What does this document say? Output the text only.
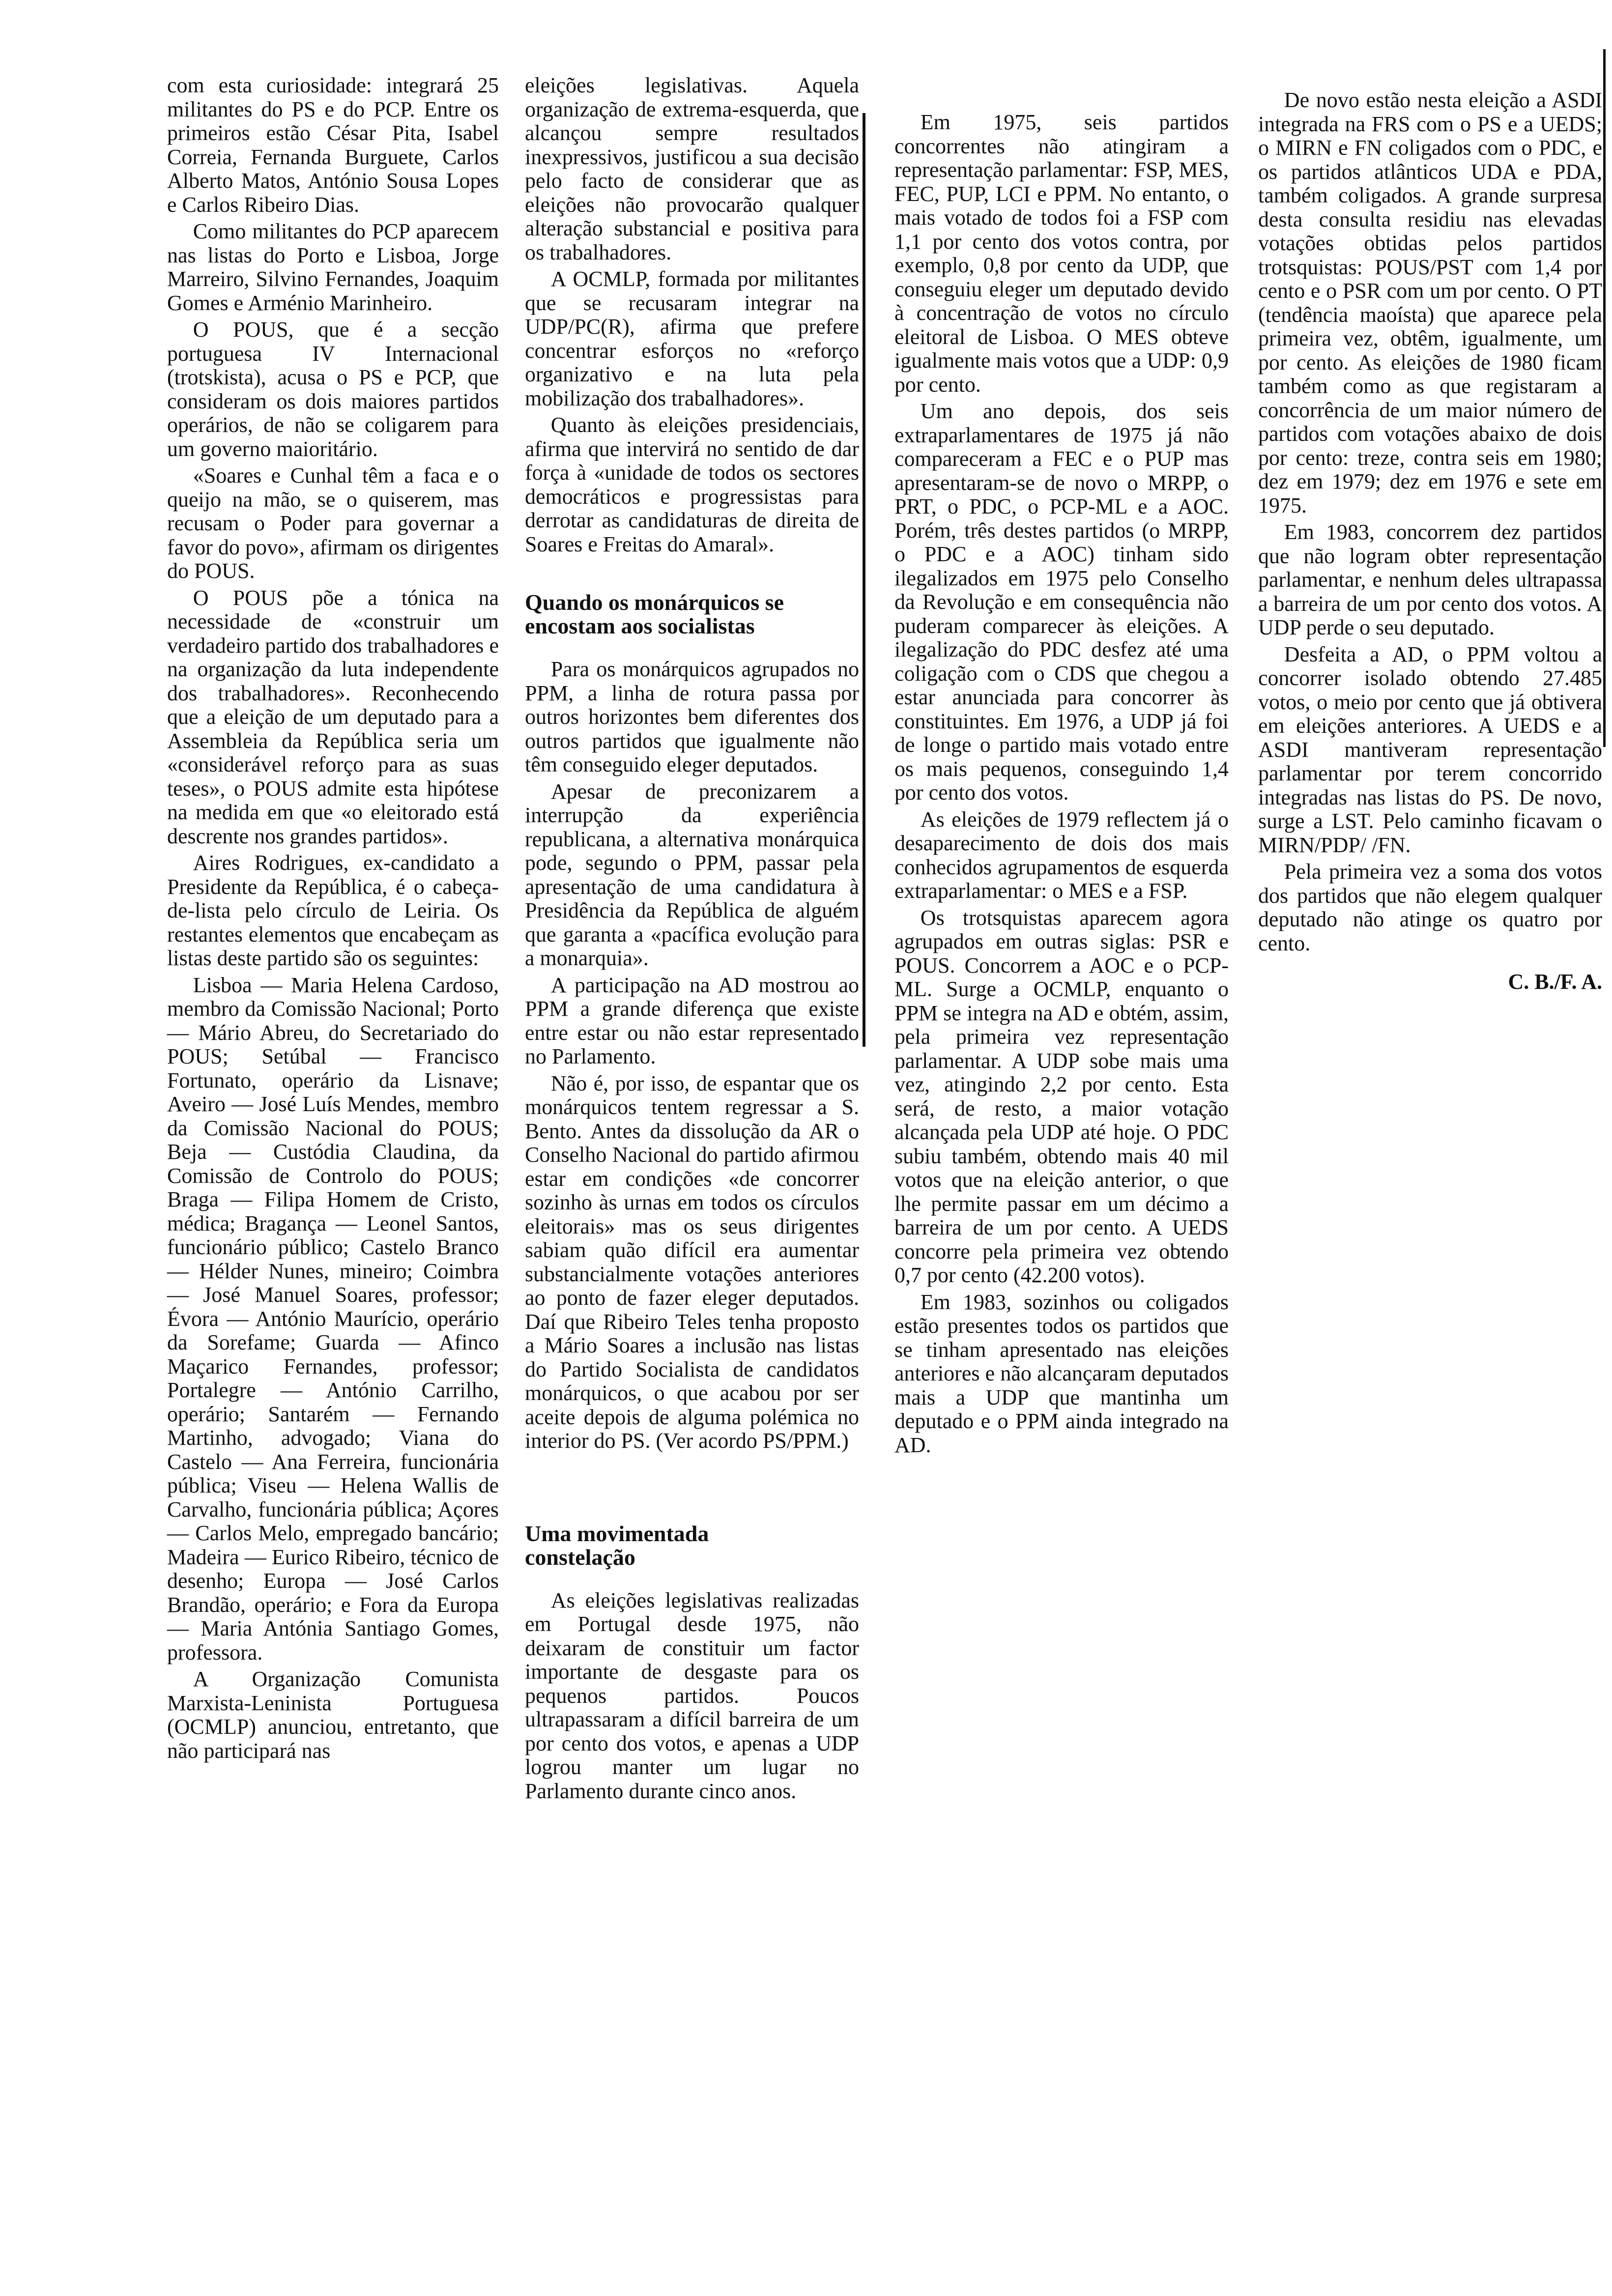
com esta curiosidade: integrará 25 militantes do PS e do PCP. Entre os primeiros estão César Pita, Isabel Correia, Fernanda Burguete, Carlos Alberto Matos, António Sousa Lopes e Carlos Ribeiro Dias.

Como militantes do PCP aparecem nas listas do Porto e Lisboa, Jorge Marreiro, Silvino Fernandes, Joaquim Gomes e Arménio Marinheiro.

O POUS, que é a secção portuguesa IV Internacional (trotskista), acusa o PS e PCP, que consideram os dois maiores partidos operários, de não se coligarem para um governo maioritário.

«Soares e Cunhal têm a faca e o queijo na mão, se o quiserem, mas recusam o Poder para governar a favor do povo», afirmam os dirigentes do POUS.

O POUS põe a tónica na necessidade de «construir um verdadeiro partido dos trabalhadores e na organização da luta independente dos trabalhadores». Reconhecendo que a eleição de um deputado para a Assembleia da República seria um «considerável reforço para as suas teses», o POUS admite esta hipótese na medida em que «o eleitorado está descrente nos grandes partidos».

Aires Rodrigues, ex-candidato a Presidente da República, é o cabeça-de-lista pelo círculo de Leiria. Os restantes elementos que encabeçam as listas deste partido são os seguintes:

Lisboa — Maria Helena Cardoso, membro da Comissão Nacional; Porto — Mário Abreu, do Secretariado do POUS; Setúbal — Francisco Fortunato, operário da Lisnave; Aveiro — José Luís Mendes, membro da Comissão Nacional do POUS; Beja — Custódia Claudina, da Comissão de Controlo do POUS; Braga — Filipa Homem de Cristo, médica; Bragança — Leonel Santos, funcionário público; Castelo Branco — Hélder Nunes, mineiro; Coimbra — José Manuel Soares, professor; Évora — António Maurício, operário da Sorefame; Guarda — Afinco Maçarico Fernandes, professor; Portalegre — António Carrilho, operário; Santarém — Fernando Martinho, advogado; Viana do Castelo — Ana Ferreira, funcionária pública; Viseu — Helena Wallis de Carvalho, funcionária pública; Açores — Carlos Melo, empregado bancário; Madeira — Eurico Ribeiro, técnico de desenho; Europa — José Carlos Brandão, operário; e Fora da Europa — Maria Antónia Santiago Gomes, professora.

A Organização Comunista Marxista-Leninista Portuguesa (OCMLP) anunciou, entretanto, que não participará nas

eleições legislativas. Aquela organização de extrema-esquerda, que alcançou sempre resultados inexpressivos, justificou a sua decisão pelo facto de considerar que as eleições não provocarão qualquer alteração substancial e positiva para os trabalhadores.

A OCMLP, formada por militantes que se recusaram integrar na UDP/PC(R), afirma que prefere concentrar esforços no «reforço organizativo e na luta pela mobilização dos trabalhadores».

Quanto às eleições presidenciais, afirma que intervirá no sentido de dar força à «unidade de todos os sectores democráticos e progressistas para derrotar as candidaturas de direita de Soares e Freitas do Amaral».

Quando os monárquicos se encostam aos socialistas

Para os monárquicos agrupados no PPM, a linha de rotura passa por outros horizontes bem diferentes dos outros partidos que igualmente não têm conseguido eleger deputados.

Apesar de preconizarem a interrupção da experiência republicana, a alternativa monárquica pode, segundo o PPM, passar pela apresentação de uma candidatura à Presidência da República de alguém que garanta a «pacífica evolução para a monarquia».

A participação na AD mostrou ao PPM a grande diferença que existe entre estar ou não estar representado no Parlamento.

Não é, por isso, de espantar que os monárquicos tentem regressar a S. Bento. Antes da dissolução da AR o Conselho Nacional do partido afirmou estar em condições «de concorrer sozinho às urnas em todos os círculos eleitorais» mas os seus dirigentes sabiam quão difícil era aumentar substancialmente votações anteriores ao ponto de fazer eleger deputados. Daí que Ribeiro Teles tenha proposto a Mário Soares a inclusão nas listas do Partido Socialista de candidatos monárquicos, o que acabou por ser aceite depois de alguma polémica no interior do PS. (Ver acordo PS/PPM.)

Uma movimentada constelação

As eleições legislativas realizadas em Portugal desde 1975, não deixaram de constituir um factor importante de desgaste para os pequenos partidos. Poucos ultrapassaram a difícil barreira de um por cento dos votos, e apenas a UDP logrou manter um lugar no Parlamento durante cinco anos.

Em 1975, seis partidos concorrentes não atingiram a representação parlamentar: FSP, MES, FEC, PUP, LCI e PPM. No entanto, o mais votado de todos foi a FSP com 1,1 por cento dos votos contra, por exemplo, 0,8 por cento da UDP, que conseguiu eleger um deputado devido à concentração de votos no círculo eleitoral de Lisboa. O MES obteve igualmente mais votos que a UDP: 0,9 por cento.

Um ano depois, dos seis extraparlamentares de 1975 já não compareceram a FEC e o PUP mas apresentaram-se de novo o MRPP, o PRT, o PDC, o PCP-ML e a AOC. Porém, três destes partidos (o MRPP, o PDC e a AOC) tinham sido ilegalizados em 1975 pelo Conselho da Revolução e em consequência não puderam comparecer às eleições. A ilegalização do PDC desfez até uma coligação com o CDS que chegou a estar anunciada para concorrer às constituintes. Em 1976, a UDP já foi de longe o partido mais votado entre os mais pequenos, conseguindo 1,4 por cento dos votos.

As eleições de 1979 reflectem já o desaparecimento de dois dos mais conhecidos agrupamentos de esquerda extraparlamentar: o MES e a FSP.

Os trotsquistas aparecem agora agrupados em outras siglas: PSR e POUS. Concorrem a AOC e o PCP-ML. Surge a OCMLP, enquanto o PPM se integra na AD e obtém, assim, pela primeira vez representação parlamentar. A UDP sobe mais uma vez, atingindo 2,2 por cento. Esta será, de resto, a maior votação alcançada pela UDP até hoje. O PDC subiu também, obtendo mais 40 mil votos que na eleição anterior, o que lhe permite passar em um décimo a barreira de um por cento. A UEDS concorre pela primeira vez obtendo 0,7 por cento (42.200 votos).

Em 1983, sozinhos ou coligados estão presentes todos os partidos que se tinham apresentado nas eleições anteriores e não alcançaram deputados mais a UDP que mantinha um deputado e o PPM ainda integrado na AD.

De novo estão nesta eleição a ASDI integrada na FRS com o PS e a UEDS; o MIRN e FN coligados com o PDC, e os partidos atlânticos UDA e PDA, também coligados. A grande surpresa desta consulta residiu nas elevadas votações obtidas pelos partidos trotsquistas: POUS/PST com 1,4 por cento e o PSR com um por cento. O PT (tendência maoísta) que aparece pela primeira vez, obtêm, igualmente, um por cento. As eleições de 1980 ficam também como as que registaram a concorrência de um maior número de partidos com votações abaixo de dois por cento: treze, contra seis em 1980; dez em 1979; dez em 1976 e sete em 1975.

Em 1983, concorrem dez partidos que não logram obter representação parlamentar, e nenhum deles ultrapassa a barreira de um por cento dos votos. A UDP perde o seu deputado.

Desfeita a AD, o PPM voltou a concorrer isolado obtendo 27.485 votos, o meio por cento que já obtivera em eleições anteriores. A UEDS e a ASDI mantiveram representação parlamentar por terem concorrido integradas nas listas do PS. De novo, surge a LST. Pelo caminho ficavam o MIRN/PDP/ /FN.

Pela primeira vez a soma dos votos dos partidos que não elegem qualquer deputado não atinge os quatro por cento.

C. B./F. A.
